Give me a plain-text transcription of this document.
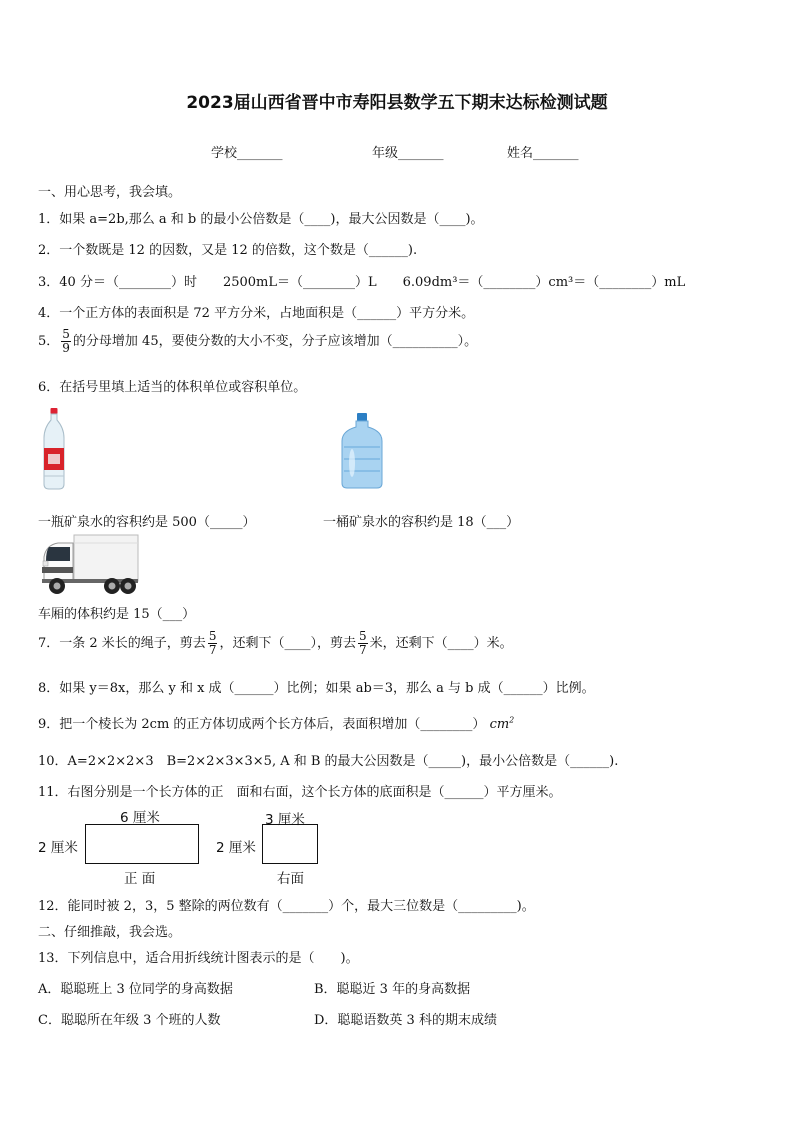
2023届山西省晋中市寿阳县数学五下期末达标检测试题
学校_______	年级_______	姓名_______
一、用心思考，我会填。
1．如果 a=2b,那么 a 和 b 的最小公倍数是（____)，最大公因数是（____)。
2．一个数既是 12 的因数，又是 12 的倍数，这个数是（______).
3．40 分＝（________）时　　2500mL＝（________）L　　6.09dm³＝（________）cm³＝（________）mL
4．一个正方体的表面积是 72 平方分米，占地面积是（______）平方分米。
5． $\frac{5}{9}$ 的分母增加 45，要使分数的大小不变，分子应该增加（__________）。
6．在括号里填上适当的体积单位或容积单位。
一瓶矿泉水的容积约是 500（_____）	一桶矿泉水的容积约是 18（___）
车厢的体积约是 15（___）
7．一条 2 米长的绳子，剪去 $\frac{5}{7}$ ，还剩下（____），剪去 $\frac{5}{7}$ 米，还剩下（____）米。
8．如果 y＝8x，那么 y 和 x 成（______）比例；如果 ab＝3，那么 a 与 b 成（______）比例。
9．把一个棱长为 2cm 的正方体切成两个长方体后，表面积增加（________） $cm^2$
10．A=2×2×2×3　B=2×2×3×3×5, A 和 B 的最大公因数是（_____)，最小公倍数是（______).
11．右图分别是一个长方体的正　面和右面，这个长方体的底面积是（______）平方厘米。
6 厘米
2 厘米
正 面
3 厘米
2 厘米
右面
12．能同时被 2，3，5 整除的两位数有（_______）个，最大三位数是（_________)。
二、仔细推敲，我会选。
13．下列信息中，适合用折线统计图表示的是（　　)。
A．聪聪班上 3 位同学的身高数据	B．聪聪近 3 年的身高数据
C．聪聪所在年级 3 个班的人数	D．聪聪语数英 3 科的期末成绩
